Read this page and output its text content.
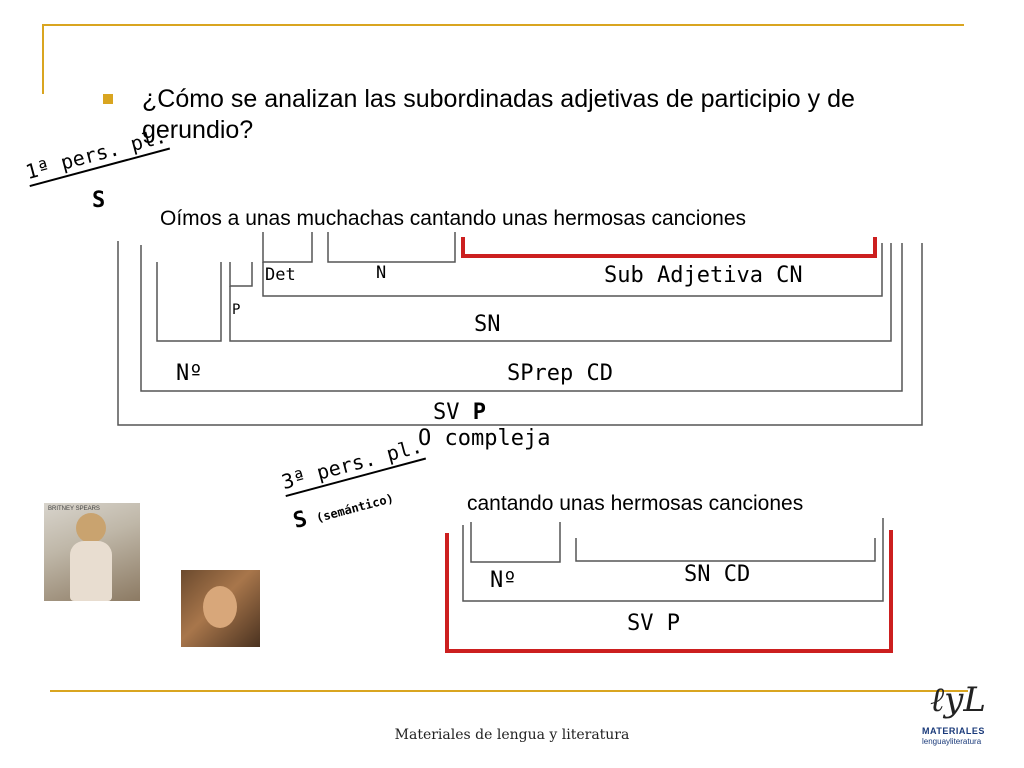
¿Cómo se analizan las subordinadas adjetivas de participio y de gerundio?
1ª pers. pl.
S
Oímos a unas muchachas cantando unas hermosas canciones
Det	N	Sub Adjetiva CN
P
SN
Nº	SPrep CD
SV P
O compleja
3ª pers. pl.
S (semántico)	cantando unas hermosas canciones
Nº	SN CD
SV P
BRITNEY SPEARS
Materiales de lengua y literatura
ℓyL
MATERIALES
lenguayliteratura
